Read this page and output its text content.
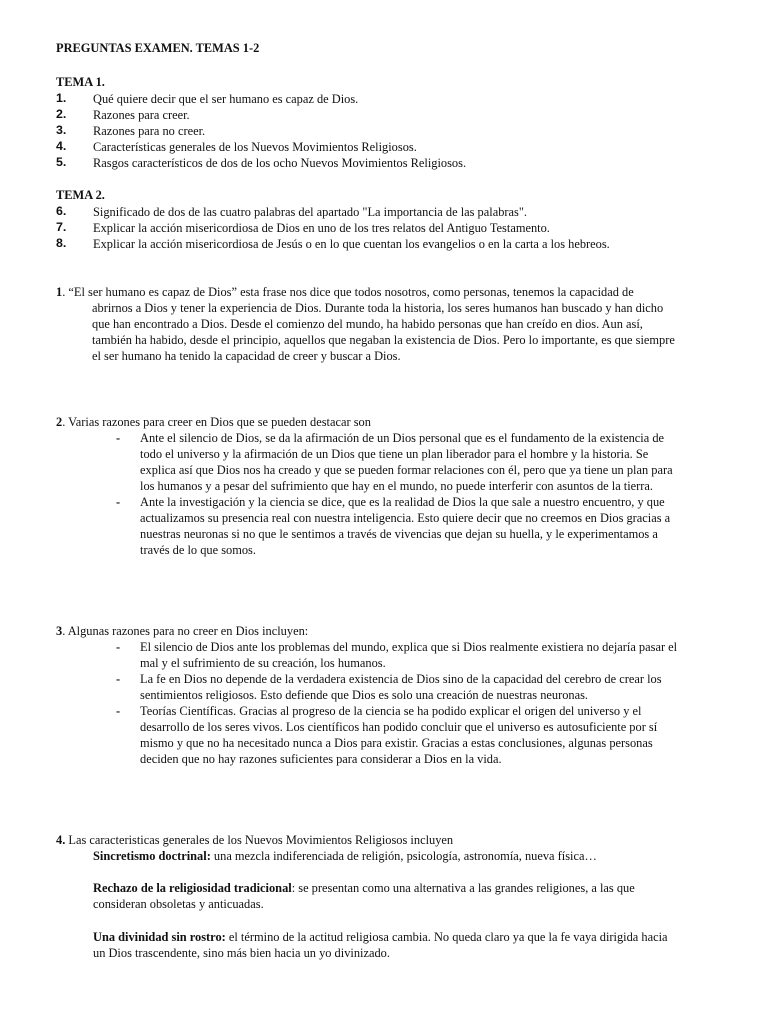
PREGUNTAS EXAMEN. TEMAS 1-2
TEMA 1.
1. Qué quiere decir que el ser humano es capaz de Dios.
2. Razones para creer.
3. Razones para no creer.
4. Características generales de los Nuevos Movimientos Religiosos.
5. Rasgos característicos de dos de los ocho Nuevos Movimientos Religiosos.
TEMA 2.
6. Significado de dos de las cuatro palabras del apartado "La importancia de las palabras".
7. Explicar la acción misericordiosa de Dios en uno de los tres relatos del Antiguo Testamento.
8. Explicar la acción misericordiosa de Jesús o en lo que cuentan los evangelios o en la carta a los hebreos.
1. “El ser humano es capaz de Dios” esta frase nos dice que todos nosotros, como personas, tenemos la capacidad de
abrirnos a Dios y tener la experiencia de Dios. Durante toda la historia, los seres humanos han buscado y han dicho
que han encontrado a Dios. Desde el comienzo del mundo, ha habido personas que han creído en dios. Aun así,
también ha habido, desde el principio, aquellos que negaban la existencia de Dios. Pero lo importante, es que siempre
el ser humano ha tenido la capacidad de creer y buscar a Dios.
2. Varias razones para creer en Dios que se pueden destacar son
- Ante el silencio de Dios, se da la afirmación de un Dios personal que es el fundamento de la existencia de
todo el universo y la afirmación de un Dios que tiene un plan liberador para el hombre y la historia. Se
explica así que Dios nos ha creado y que se pueden formar relaciones con él, pero que ya tiene un plan para
los humanos y a pesar del sufrimiento que hay en el mundo, no puede interferir con asuntos de la tierra.
- Ante la investigación y la ciencia se dice, que es la realidad de Dios la que sale a nuestro encuentro, y que
actualizamos su presencia real con nuestra inteligencia. Esto quiere decir que no creemos en Dios gracias a
nuestras neuronas si no que le sentimos a través de vivencias que dejan su huella, y le experimentamos a
través de lo que somos.
3. Algunas razones para no creer en Dios incluyen:
- El silencio de Dios ante los problemas del mundo, explica que si Dios realmente existiera no dejaría pasar el
mal y el sufrimiento de su creación, los humanos.
- La fe en Dios no depende de la verdadera existencia de Dios sino de la capacidad del cerebro de crear los
sentimientos religiosos. Esto defiende que Dios es solo una creación de nuestras neuronas.
- Teorías Científicas. Gracias al progreso de la ciencia se ha podido explicar el origen del universo y el
desarrollo de los seres vivos. Los científicos han podido concluir que el universo es autosuficiente por sí
mismo y que no ha necesitado nunca a Dios para existir. Gracias a estas conclusiones, algunas personas
deciden que no hay razones suficientes para considerar a Dios en la vida.
4. Las caracteristicas generales de los Nuevos Movimientos Religiosos incluyen
Sincretismo doctrinal: una mezcla indiferenciada de religión, psicología, astronomía, nueva física…
Rechazo de la religiosidad tradicional: se presentan como una alternativa a las grandes religiones, a las que
consideran obsoletas y anticuadas.
Una divinidad sin rostro: el término de la actitud religiosa cambia. No queda claro ya que la fe vaya dirigida hacia
un Dios trascendente, sino más bien hacia un yo divinizado.
